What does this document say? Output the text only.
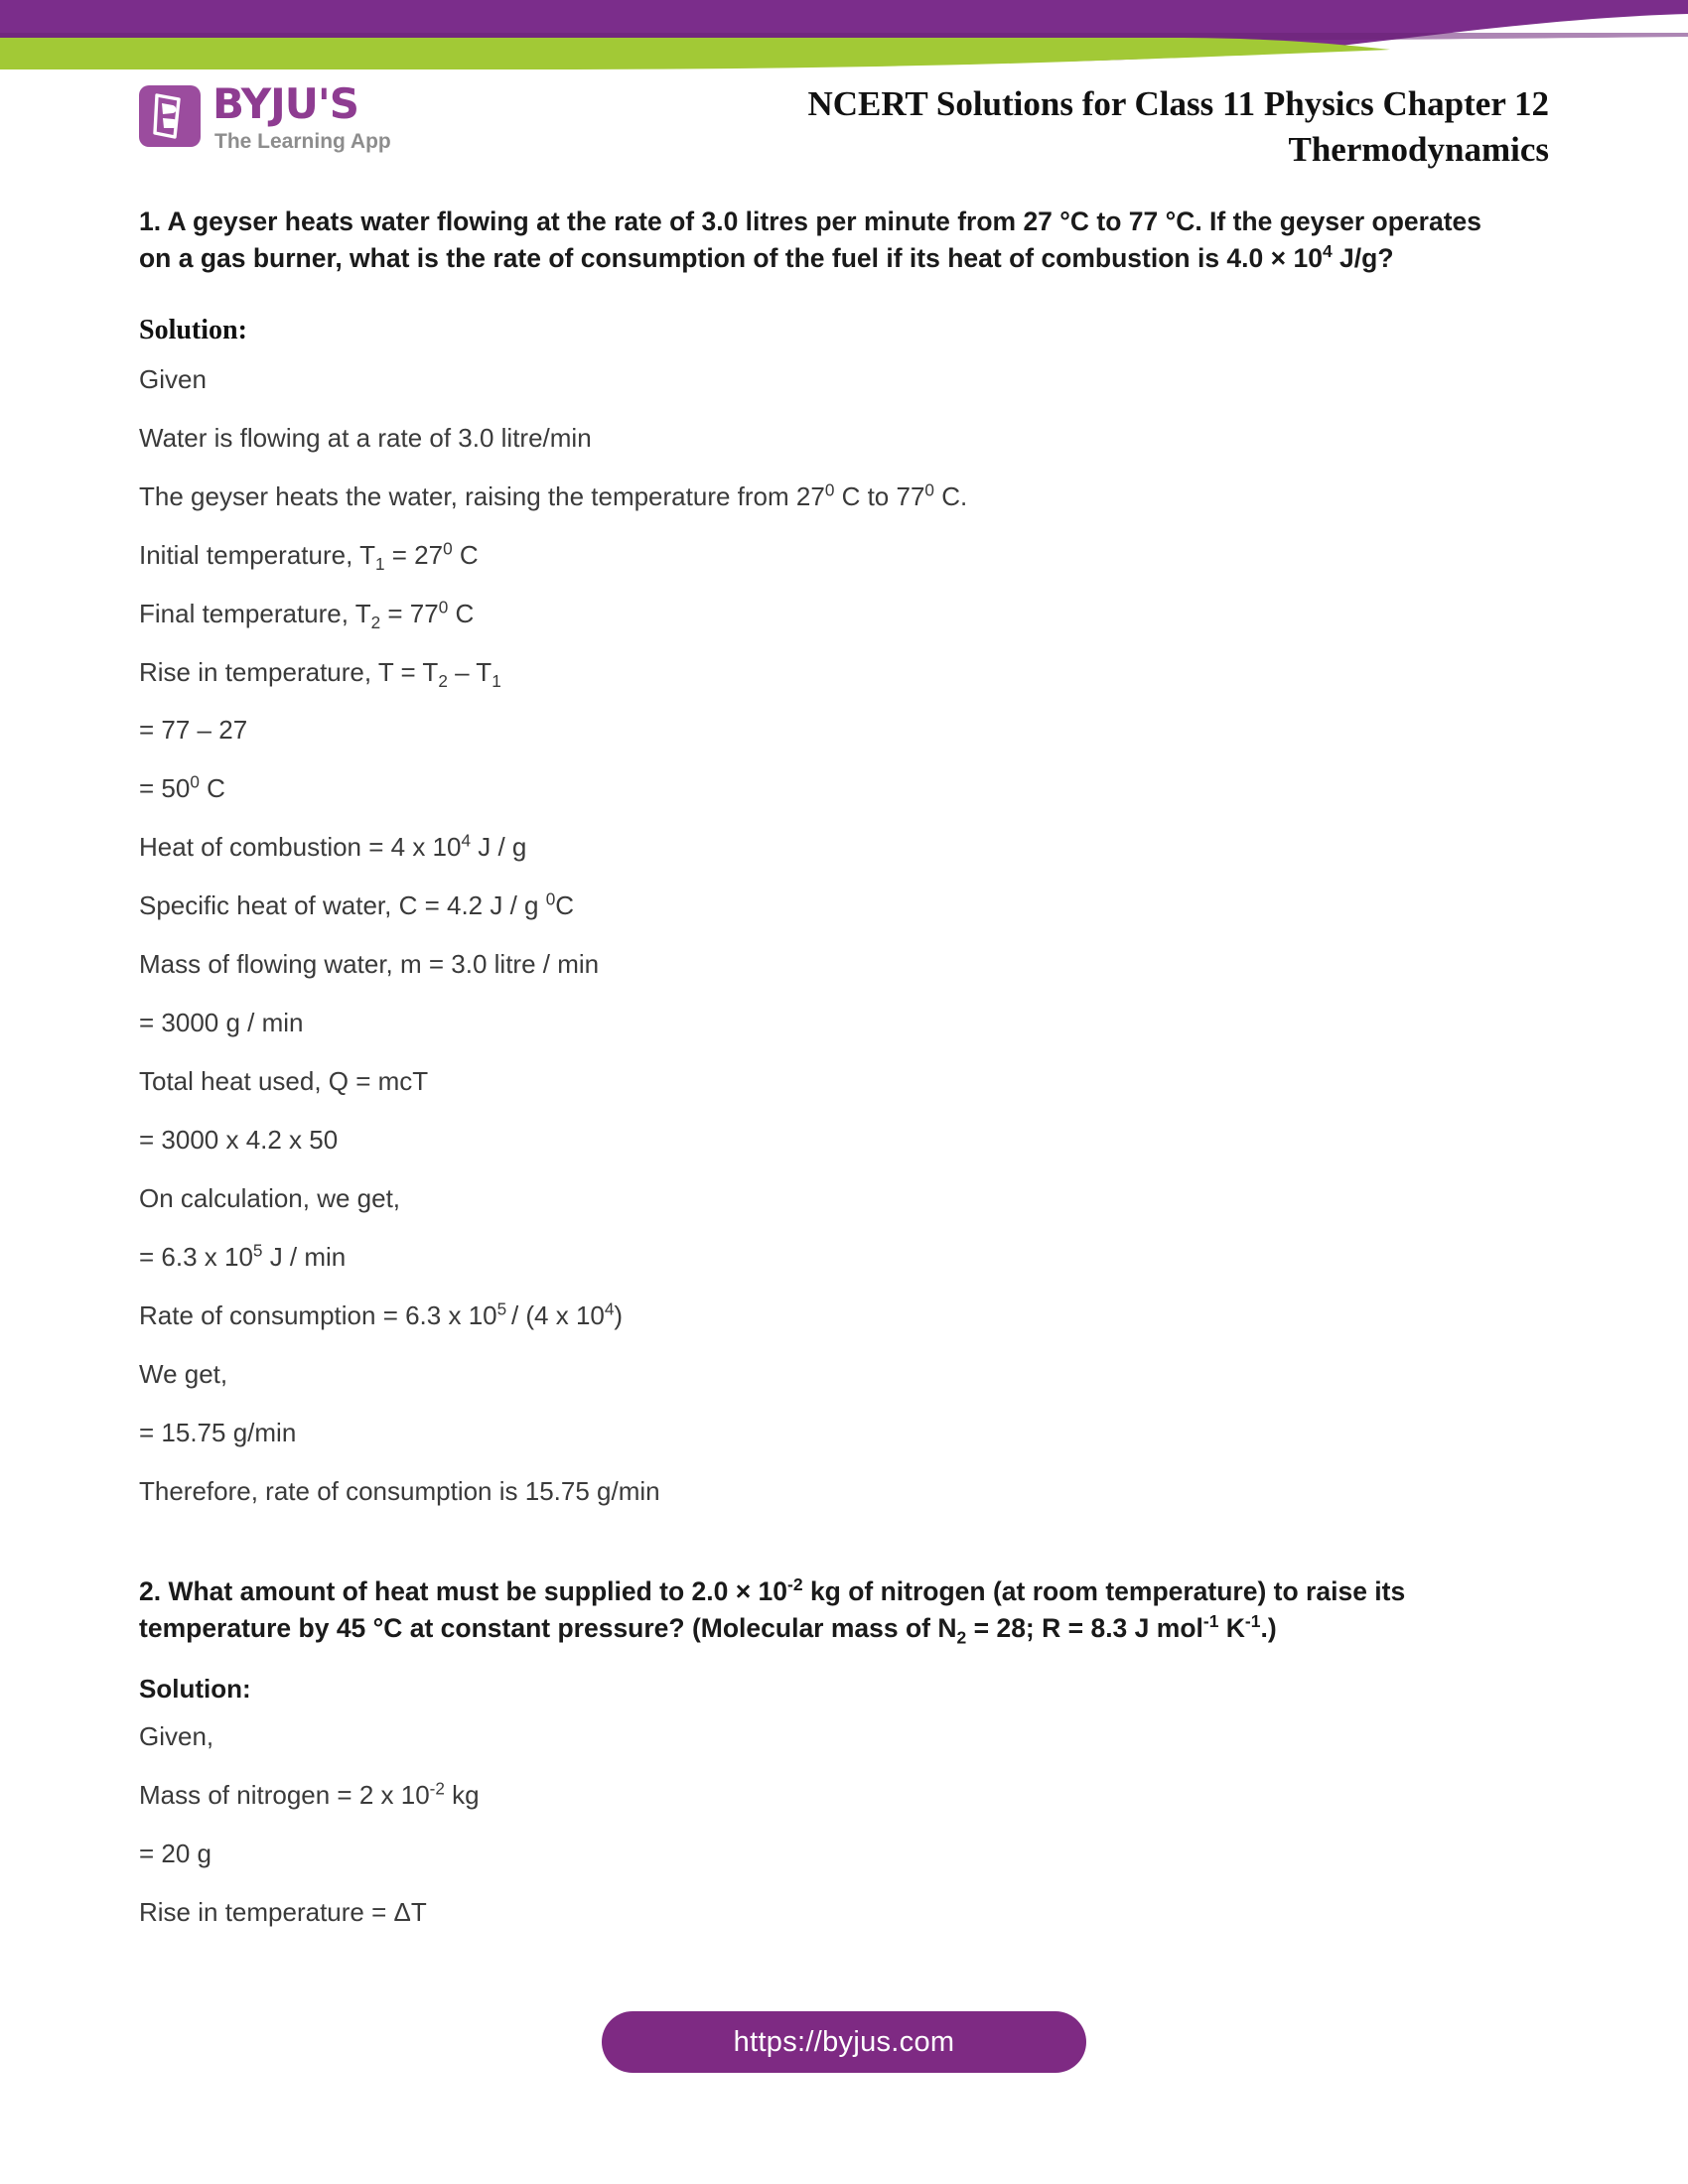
BYJU'S
The Learning App
NCERT Solutions for Class 11 Physics Chapter 12
Thermodynamics

1. A geyser heats water flowing at the rate of 3.0 litres per minute from 27 °C to 77 °C. If the geyser operates on a gas burner, what is the rate of consumption of the fuel if its heat of combustion is $4.0 \times 10^4$ J/g?

Solution:

Given

Water is flowing at a rate of 3.0 litre/min

The geyser heats the water, raising the temperature from $27^0$ C to $77^0$ C.

Initial temperature, $T_1 = 27^0$ C

Final temperature, $T_2 = 77^0$ C

Rise in temperature, $T = T_2 - T_1$

= 77 – 27

= $50^0$ C

Heat of combustion = 4 x $10^4$ J / g

Specific heat of water, C = 4.2 J / g $^0$C

Mass of flowing water, m = 3.0 litre / min

= 3000 g / min

Total heat used, Q = mcT

= 3000 x 4.2 x 50

On calculation, we get,

= 6.3 x $10^5$ J / min

Rate of consumption = 6.3 x $10^5 / (4$ x $10^4$)

We get,

= 15.75 g/min

Therefore, rate of consumption is 15.75 g/min

2. What amount of heat must be supplied to $2.0 \times 10^{-2}$ kg of nitrogen (at room temperature) to raise its temperature by 45 °C at constant pressure? (Molecular mass of $N_2 = 28$; R = 8.3 J mol$^{-1}$ $K^{-1}$.)

Solution:

Given,

Mass of nitrogen = 2 x $10^{-2}$ kg

= 20 g

Rise in temperature = ΔT

https://byjus.com
